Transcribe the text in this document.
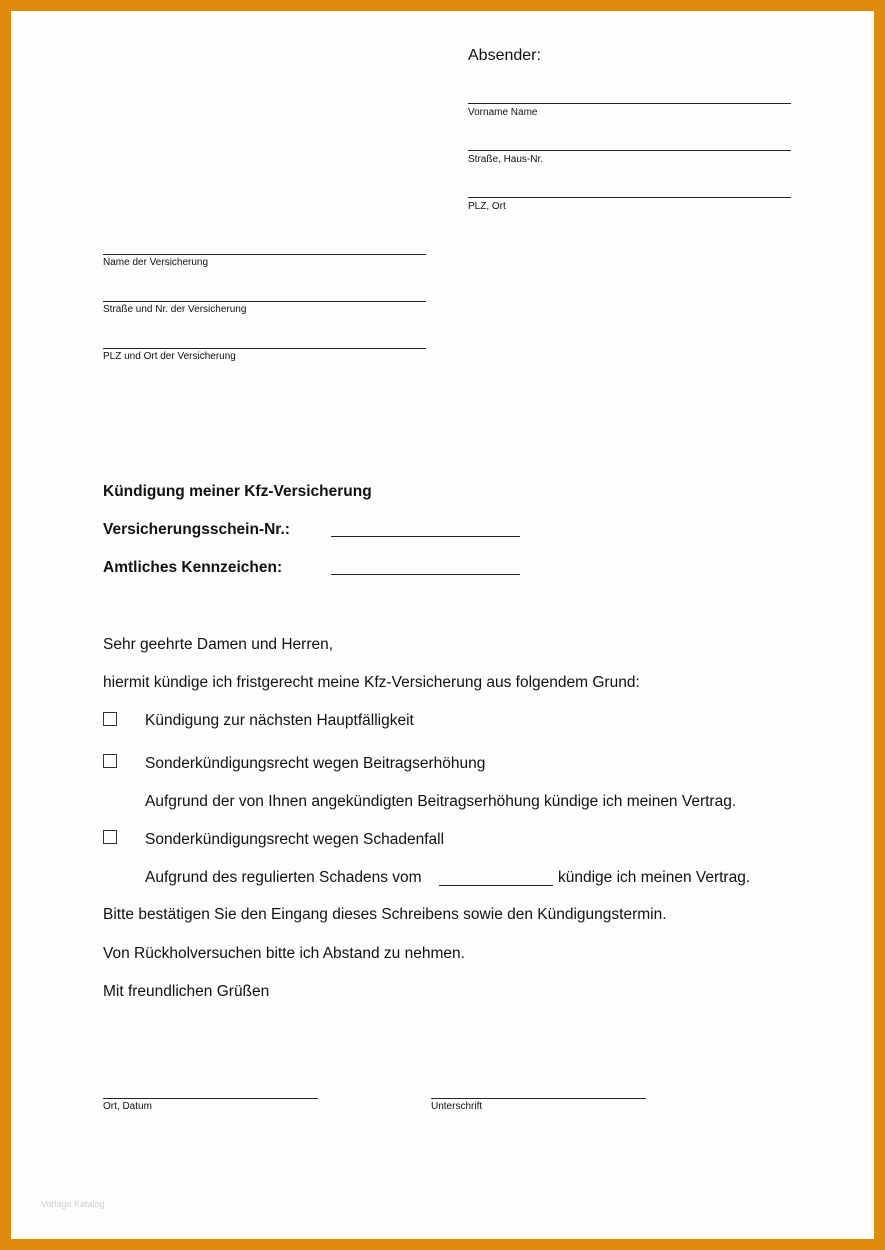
Absender:
Vorname Name
Straße, Haus-Nr.
PLZ, Ort
Name der Versicherung
Straße und Nr. der Versicherung
PLZ und Ort der Versicherung
Kündigung meiner Kfz-Versicherung
Versicherungsschein-Nr.:
Amtliches Kennzeichen:
Sehr geehrte Damen und Herren,
hiermit kündige ich fristgerecht meine Kfz-Versicherung aus folgendem Grund:
Kündigung zur nächsten Hauptfälligkeit
Sonderkündigungsrecht wegen Beitragserhöhung
Aufgrund der von Ihnen angekündigten Beitragserhöhung kündige ich meinen Vertrag.
Sonderkündigungsrecht wegen Schadenfall
Aufgrund des regulierten Schadens vom	kündige ich meinen Vertrag.
Bitte bestätigen Sie den Eingang dieses Schreibens sowie den Kündigungstermin.
Von Rückholversuchen bitte ich Abstand zu nehmen.
Mit freundlichen Grüßen
Ort, Datum	Unterschrift
Vorlage Katalog
